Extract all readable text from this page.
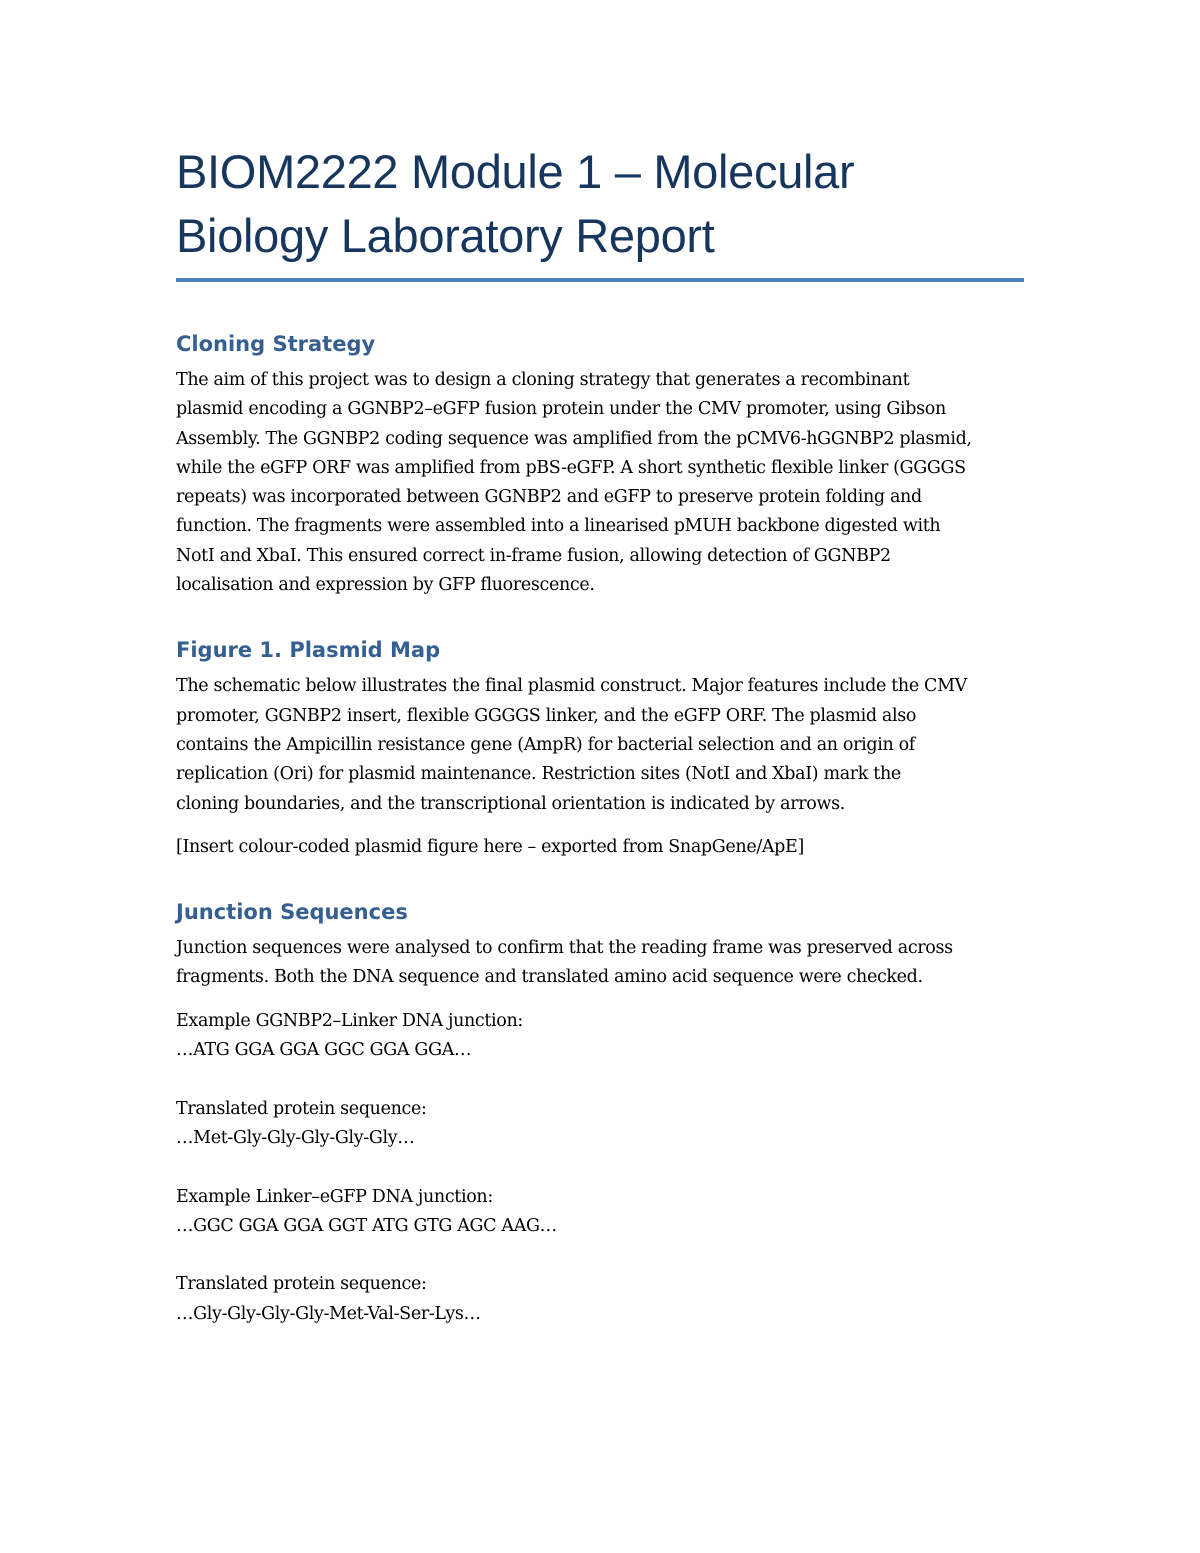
BIOM2222 Module 1 – Molecular
Biology Laboratory Report
Cloning Strategy

The aim of this project was to design a cloning strategy that generates a recombinant
plasmid encoding a GGNBP2–eGFP fusion protein under the CMV promoter, using Gibson
Assembly. The GGNBP2 coding sequence was amplified from the pCMV6-hGGNBP2 plasmid,
while the eGFP ORF was amplified from pBS-eGFP. A short synthetic flexible linker (GGGGS
repeats) was incorporated between GGNBP2 and eGFP to preserve protein folding and
function. The fragments were assembled into a linearised pMUH backbone digested with
NotI and XbaI. This ensured correct in-frame fusion, allowing detection of GGNBP2
localisation and expression by GFP fluorescence.

Figure 1. Plasmid Map

The schematic below illustrates the final plasmid construct. Major features include the CMV
promoter, GGNBP2 insert, flexible GGGGS linker, and the eGFP ORF. The plasmid also
contains the Ampicillin resistance gene (AmpR) for bacterial selection and an origin of
replication (Ori) for plasmid maintenance. Restriction sites (NotI and XbaI) mark the
cloning boundaries, and the transcriptional orientation is indicated by arrows.

[Insert colour-coded plasmid figure here – exported from SnapGene/ApE]

Junction Sequences

Junction sequences were analysed to confirm that the reading frame was preserved across
fragments. Both the DNA sequence and translated amino acid sequence were checked.

Example GGNBP2–Linker DNA junction:
…ATG GGA GGA GGC GGA GGA…
Translated protein sequence:
…Met-Gly-Gly-Gly-Gly-Gly…
Example Linker–eGFP DNA junction:
…GGC GGA GGA GGT ATG GTG AGC AAG…
Translated protein sequence:
…Gly-Gly-Gly-Gly-Met-Val-Ser-Lys…
